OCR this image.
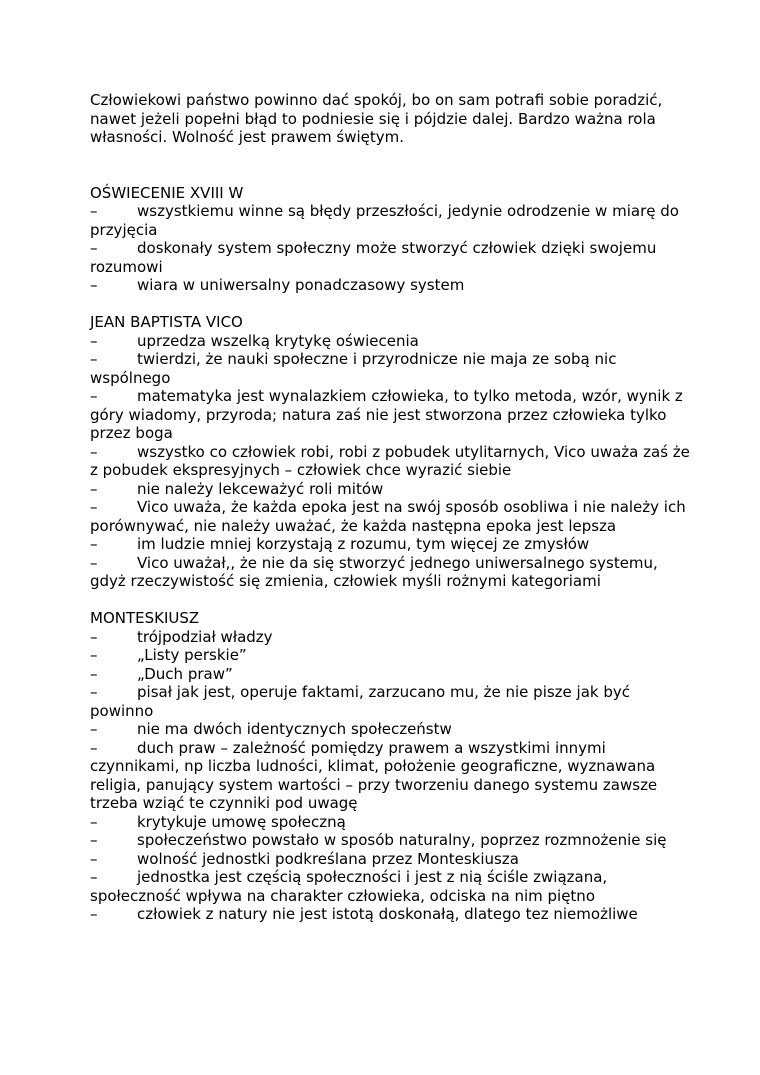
Człowiekowi państwo powinno dać spokój, bo on sam potrafi sobie poradzić, nawet jeżeli popełni błąd to podniesie się i pójdzie dalej. Bardzo ważna rola własności. Wolność jest prawem świętym.

OŚWIECENIE XVIII W

–	wszystkiemu winne są błędy przeszłości, jedynie odrodzenie w miarę do przyjęcia

–	doskonały system społeczny może stworzyć człowiek dzięki swojemu rozumowi

–	wiara w uniwersalny ponadczasowy system

JEAN BAPTISTA VICO

–	uprzedza wszelką krytykę oświecenia

–	twierdzi, że nauki społeczne i przyrodnicze nie maja ze sobą nic wspólnego

–	matematyka jest wynalazkiem człowieka, to tylko metoda, wzór, wynik z góry wiadomy, przyroda; natura zaś nie jest stworzona przez człowieka tylko przez boga

–	wszystko co człowiek robi, robi z pobudek utylitarnych, Vico uważa zaś że z pobudek ekspresyjnych – człowiek chce wyrazić siebie

–	nie należy lekceważyć roli mitów

–	Vico uważa, że każda epoka jest na swój sposób osobliwa i nie należy ich porównywać, nie należy uważać, że każda następna epoka jest lepsza

–	im ludzie mniej korzystają z rozumu, tym więcej ze zmysłów

–	Vico uważał,, że nie da się stworzyć jednego uniwersalnego systemu, gdyż rzeczywistość się zmienia, człowiek myśli rożnymi kategoriami

MONTESKIUSZ

–	trójpodział władzy

–	„Listy perskie”

–	„Duch praw”

–	pisał jak jest, operuje faktami, zarzucano mu, że nie pisze jak być powinno

–	nie ma dwóch identycznych społeczeństw

–	duch praw – zależność pomiędzy prawem a wszystkimi innymi czynnikami, np liczba ludności, klimat, położenie geograficzne, wyznawana religia, panujący system wartości – przy tworzeniu danego systemu zawsze trzeba wziąć te czynniki pod uwagę

–	krytykuje umowę społeczną

–	społeczeństwo powstało w sposób naturalny, poprzez rozmnożenie się

–	wolność jednostki podkreślana przez Monteskiusza

–	jednostka jest częścią społeczności i jest z nią ściśle związana, społeczność wpływa na charakter człowieka, odciska na nim piętno

–	człowiek z natury nie jest istotą doskonałą, dlatego tez niemożliwe
